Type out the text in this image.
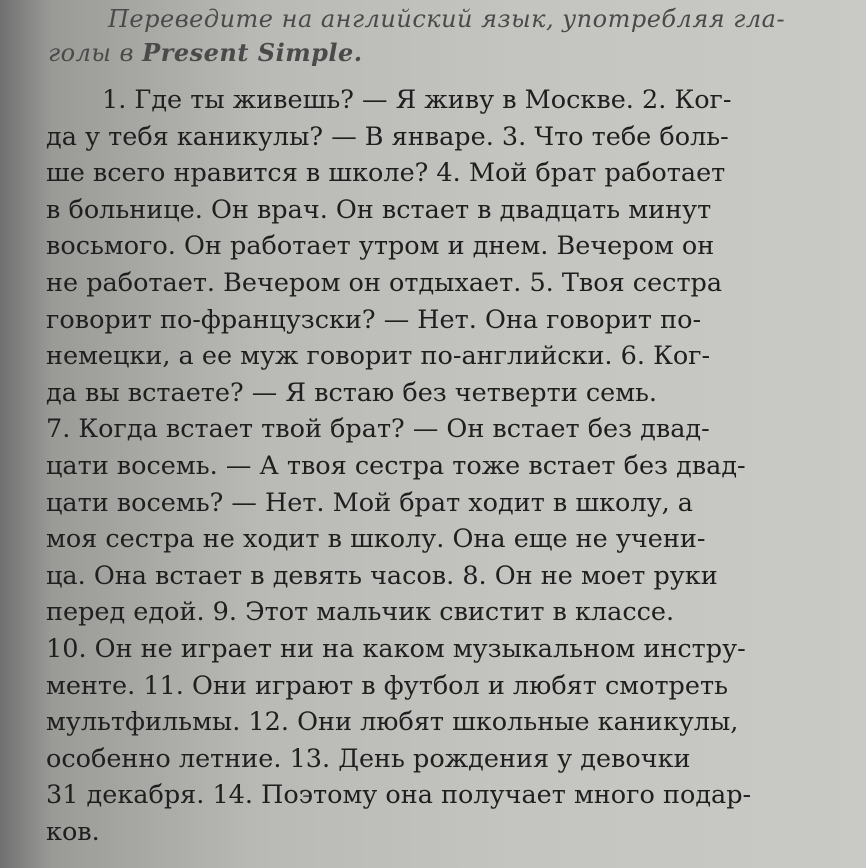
Переведите на английский язык, употребляя гла-
голы в Present Simple.
1. Где ты живешь? — Я живу в Москве. 2. Ког-
да у тебя каникулы? — В январе. 3. Что тебе боль-
ше всего нравится в школе? 4. Мой брат работает
в больнице. Он врач. Он встает в двадцать минут
восьмого. Он работает утром и днем. Вечером он
не работает. Вечером он отдыхает. 5. Твоя сестра
говорит по-французски? — Нет. Она говорит по-
немецки, а ее муж говорит по-английски. 6. Ког-
да вы встаете? — Я встаю без четверти семь.
7. Когда встает твой брат? — Он встает без двад-
цати восемь. — А твоя сестра тоже встает без двад-
цати восемь? — Нет. Мой брат ходит в школу, а
моя сестра не ходит в школу. Она еще не учени-
ца. Она встает в девять часов. 8. Он не моет руки
перед едой. 9. Этот мальчик свистит в классе.
10. Он не играет ни на каком музыкальном инстру-
менте. 11. Они играют в футбол и любят смотреть
мультфильмы. 12. Они любят школьные каникулы,
особенно летние. 13. День рождения у девочки
31 декабря. 14. Поэтому она получает много подар-
ков.
